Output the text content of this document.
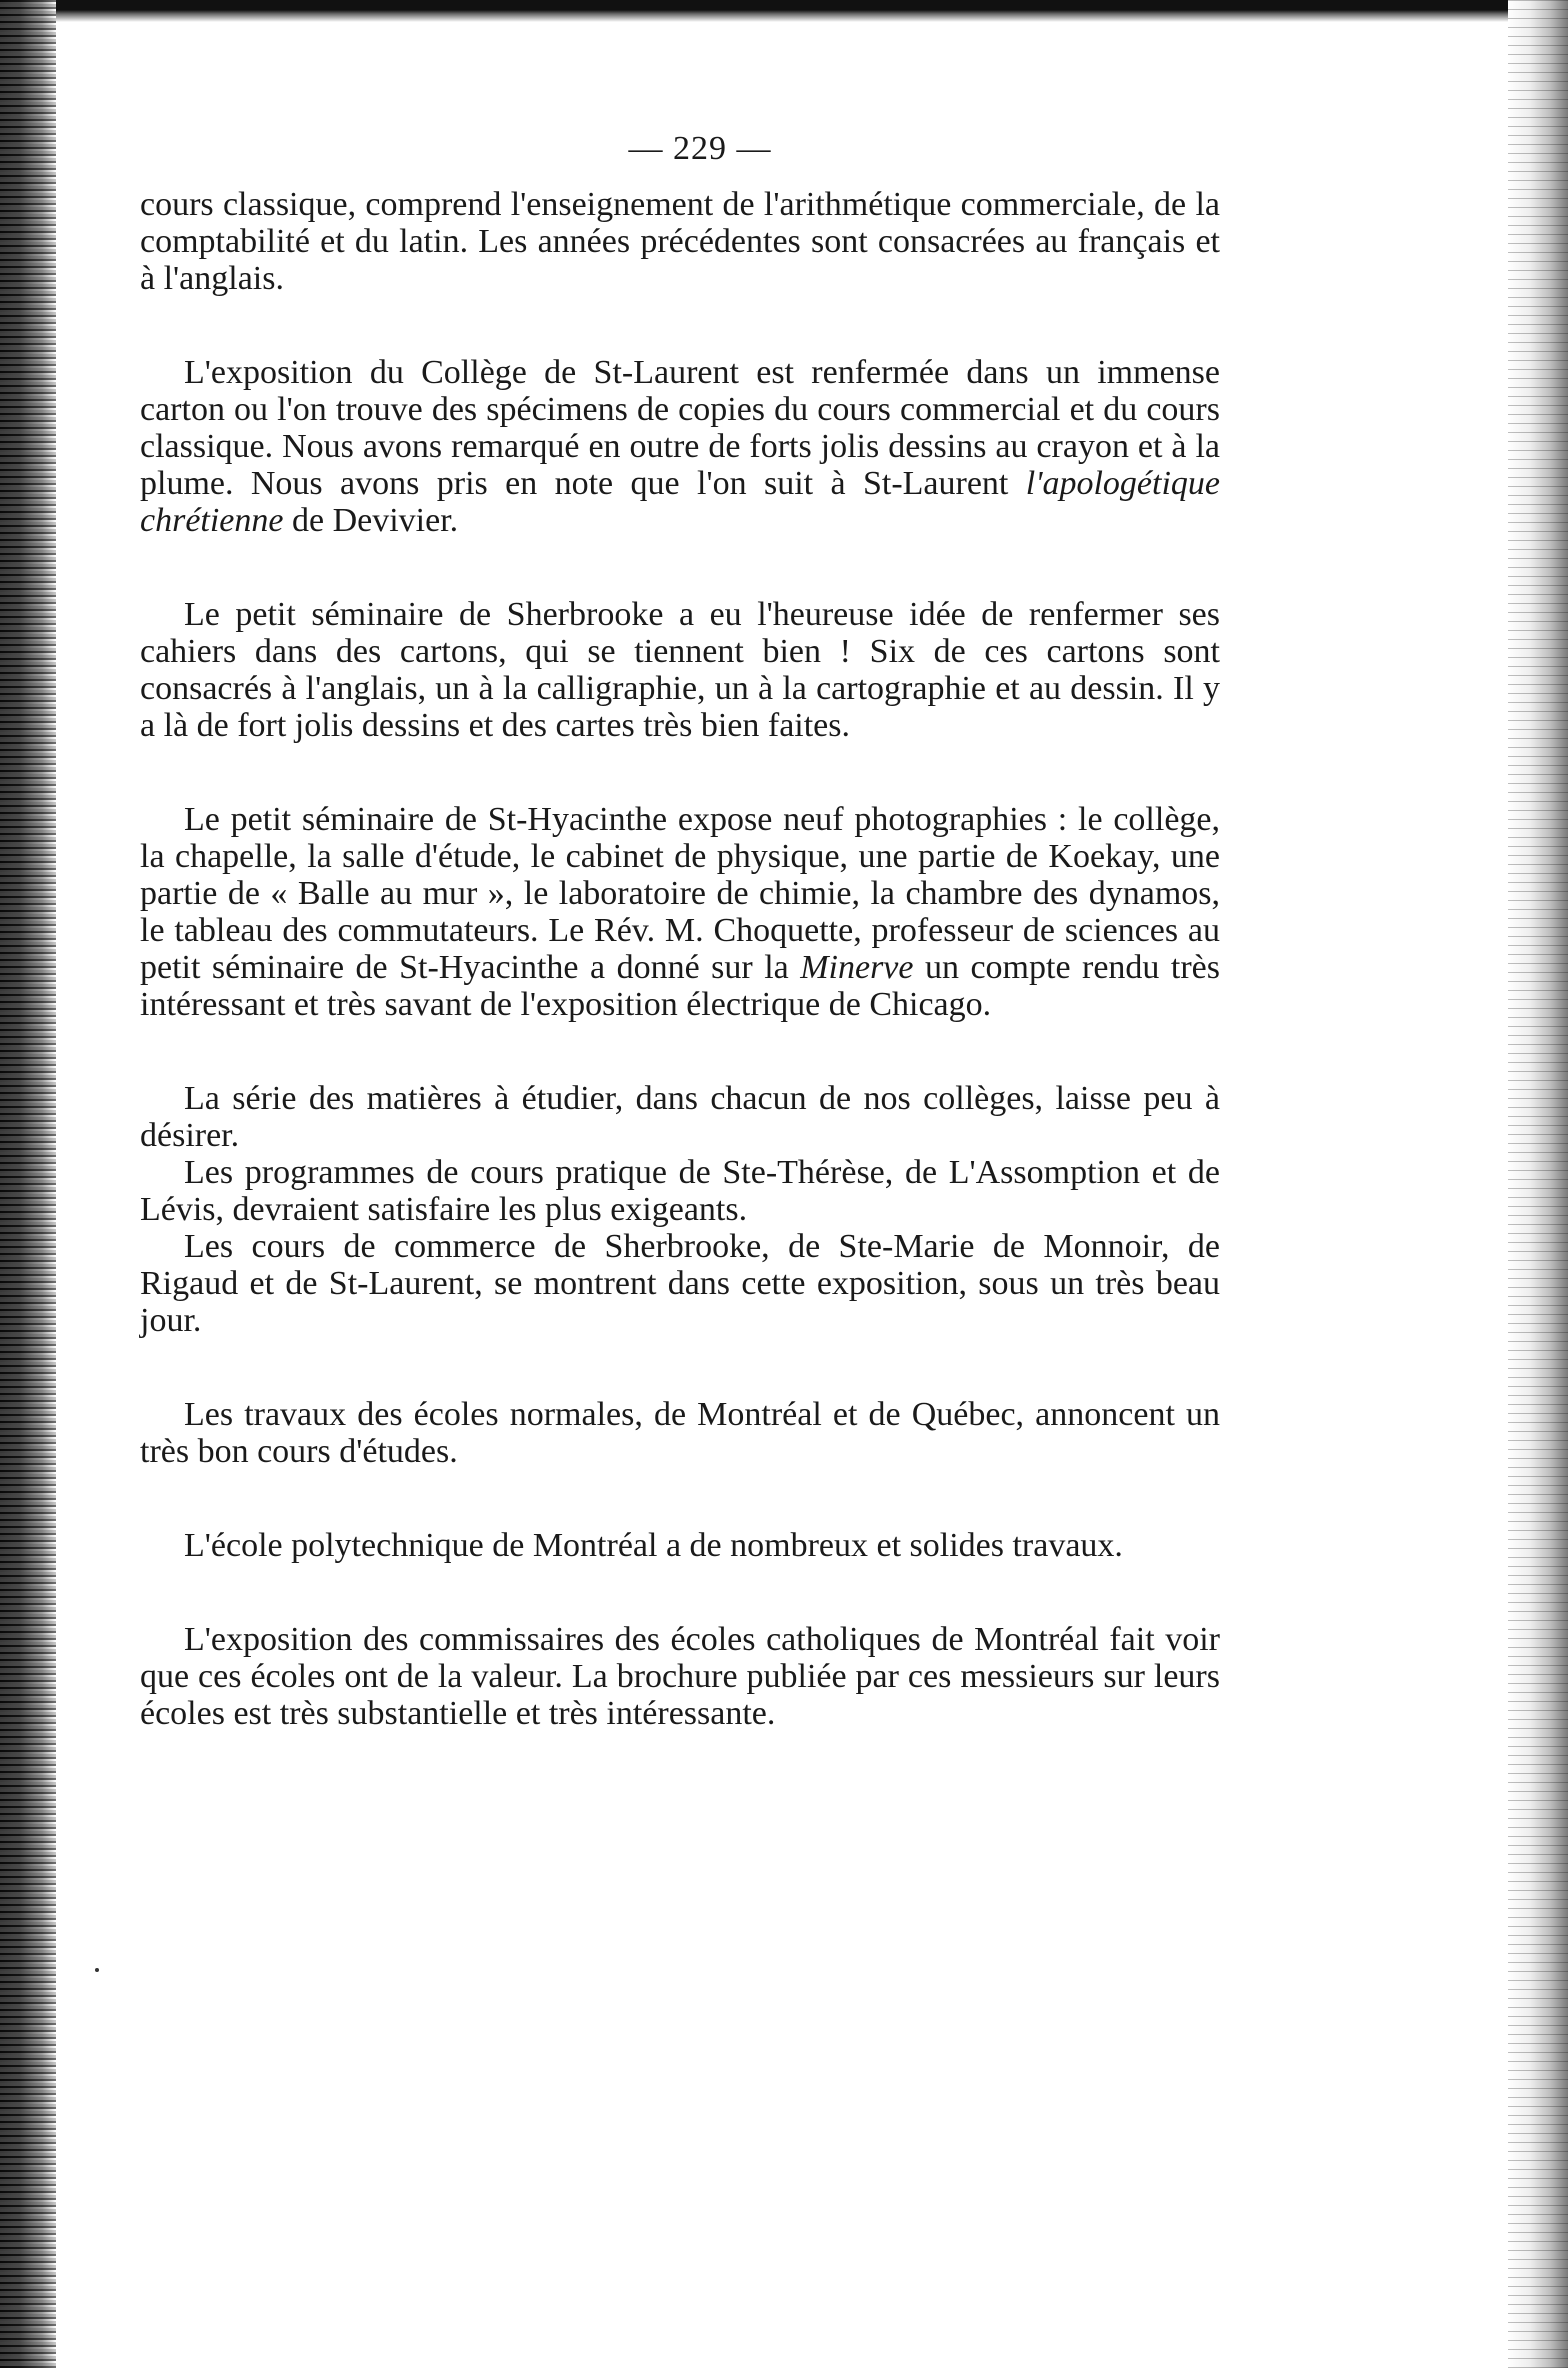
— 229 —

cours classique, comprend l'enseignement de l'arithmétique commerciale, de la comptabilité et du latin. Les années précédentes sont consacrées au français et à l'anglais.

L'exposition du Collège de St-Laurent est renfermée dans un immense carton ou l'on trouve des spécimens de copies du cours commercial et du cours classique. Nous avons remarqué en outre de forts jolis dessins au crayon et à la plume. Nous avons pris en note que l'on suit à St-Laurent l'apologétique chrétienne de Devivier.

Le petit séminaire de Sherbrooke a eu l'heureuse idée de renfermer ses cahiers dans des cartons, qui se tiennent bien ! Six de ces cartons sont consacrés à l'anglais, un à la calligraphie, un à la cartographie et au dessin. Il y a là de fort jolis dessins et des cartes très bien faites.

Le petit séminaire de St-Hyacinthe expose neuf photographies : le collège, la chapelle, la salle d'étude, le cabinet de physique, une partie de Koekay, une partie de « Balle au mur », le laboratoire de chimie, la chambre des dynamos, le tableau des commutateurs. Le Rév. M. Choquette, professeur de sciences au petit séminaire de St-Hyacinthe a donné sur la Minerve un compte rendu très intéressant et très savant de l'exposition électrique de Chicago.

La série des matières à étudier, dans chacun de nos collèges, laisse peu à désirer.

Les programmes de cours pratique de Ste-Thérèse, de L'Assomption et de Lévis, devraient satisfaire les plus exigeants.

Les cours de commerce de Sherbrooke, de Ste-Marie de Monnoir, de Rigaud et de St-Laurent, se montrent dans cette exposition, sous un très beau jour.

Les travaux des écoles normales, de Montréal et de Québec, annoncent un très bon cours d'études.

L'école polytechnique de Montréal a de nombreux et solides travaux.

L'exposition des commissaires des écoles catholiques de Montréal fait voir que ces écoles ont de la valeur. La brochure publiée par ces messieurs sur leurs écoles est très substantielle et très intéressante.
